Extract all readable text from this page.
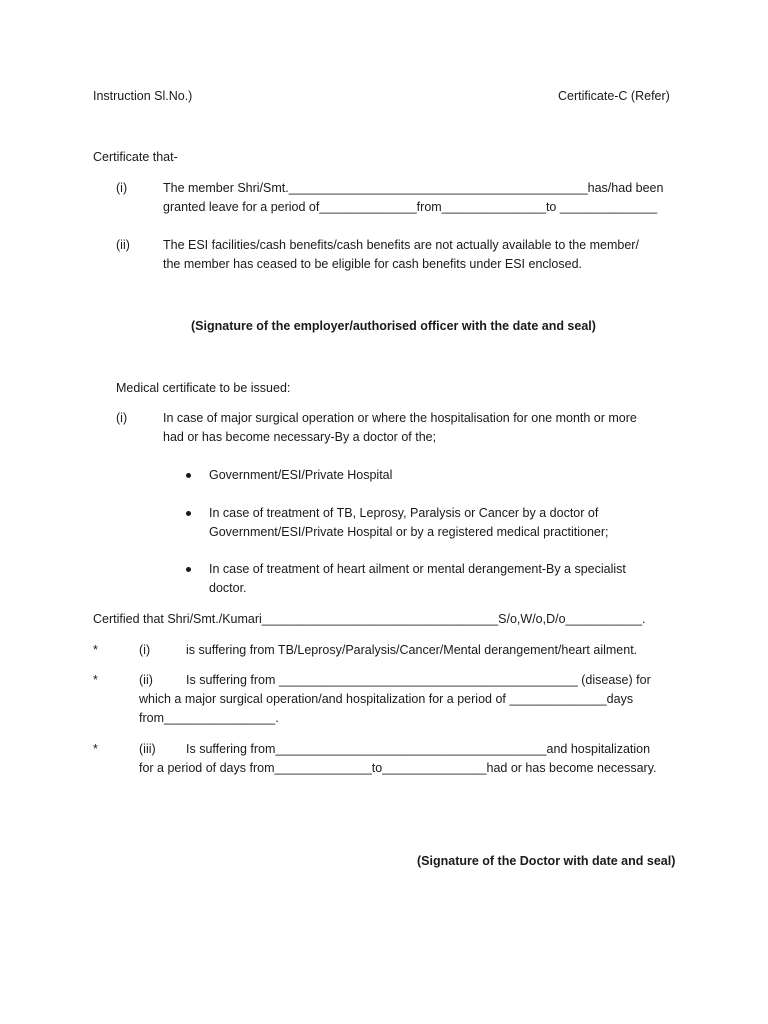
Instruction Sl.No.)	Certificate-C (Refer)
Certificate that-
(i)	The member Shri/Smt.___________________________________________has/had been
granted leave for a period of______________from_______________to ______________
(ii)	The ESI facilities/cash benefits/cash benefits are not actually available to the member/
the member has ceased to be eligible for cash benefits under ESI enclosed.
(Signature of the employer/authorised officer with the date and seal)
Medical certificate to be issued:
(i)	In case of major surgical operation or where the hospitalisation for one month or more
had or has become necessary-By a doctor of the;
Government/ESI/Private Hospital
In case of treatment of TB, Leprosy, Paralysis or Cancer by a doctor of
Government/ESI/Private Hospital or by a registered medical practitioner;
In case of treatment of heart ailment or mental derangement-By a specialist
doctor.
Certified that Shri/Smt./Kumari__________________________________S/o,W/o,D/o___________.
*	(i)	is suffering from TB/Leprosy/Paralysis/Cancer/Mental derangement/heart ailment.
*	(ii)	Is suffering from ___________________________________________ (disease) for
which a major surgical operation/and hospitalization for a period of ______________days
from________________.
*	(iii) Is suffering from_______________________________________and hospitalization
for a period of days from______________to_______________had or has become necessary.
(Signature of the Doctor with date and seal)
